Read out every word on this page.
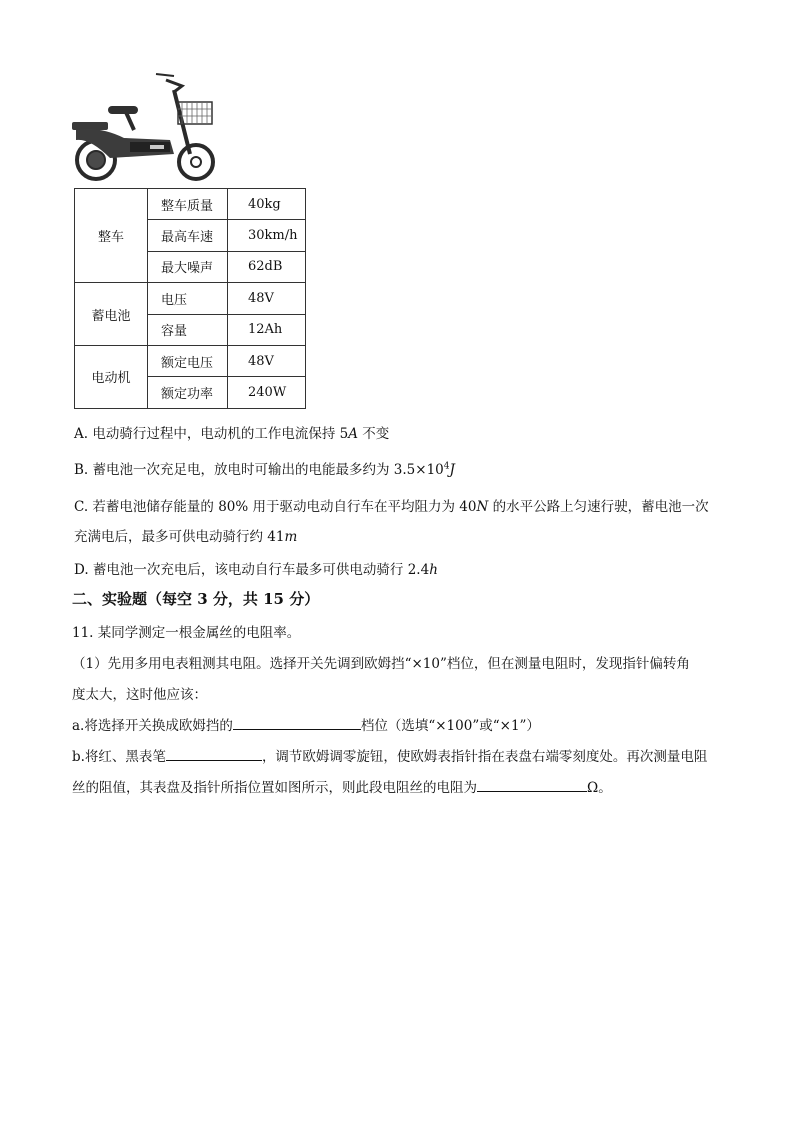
整车	整车质量	40kg
	最高车速	30km/h
	最大噪声	62dB
蓄电池	电压	48V
	容量	12Ah
电动机	额定电压	48V
	额定功率	240W
A. 电动骑行过程中，电动机的工作电流保持 5A 不变
B. 蓄电池一次充足电，放电时可输出的电能最多约为 $3.5\times 10^4J$
C. 若蓄电池储存能量的 80% 用于驱动电动自行车在平均阻力为 40N 的水平公路上匀速行驶，蓄电池一次
充满电后，最多可供电动骑行约 41m
D. 蓄电池一次充电后，该电动自行车最多可供电动骑行 2.4h
二、实验题（每空 3 分，共 15 分）
11. 某同学测定一根金属丝的电阻率。
（1）先用多用电表粗测其电阻。选择开关先调到欧姆挡“×10”档位，但在测量电阻时，发现指针偏转角
度太大，这时他应该：
a.将选择开关换成欧姆挡的	档位（选填“×100”或“×1”）
b.将红、黑表笔	，调节欧姆调零旋钮，使欧姆表指针指在表盘右端零刻度处。再次测量电阻
丝的阻值，其表盘及指针所指位置如图所示，则此段电阻丝的电阻为	Ω。
